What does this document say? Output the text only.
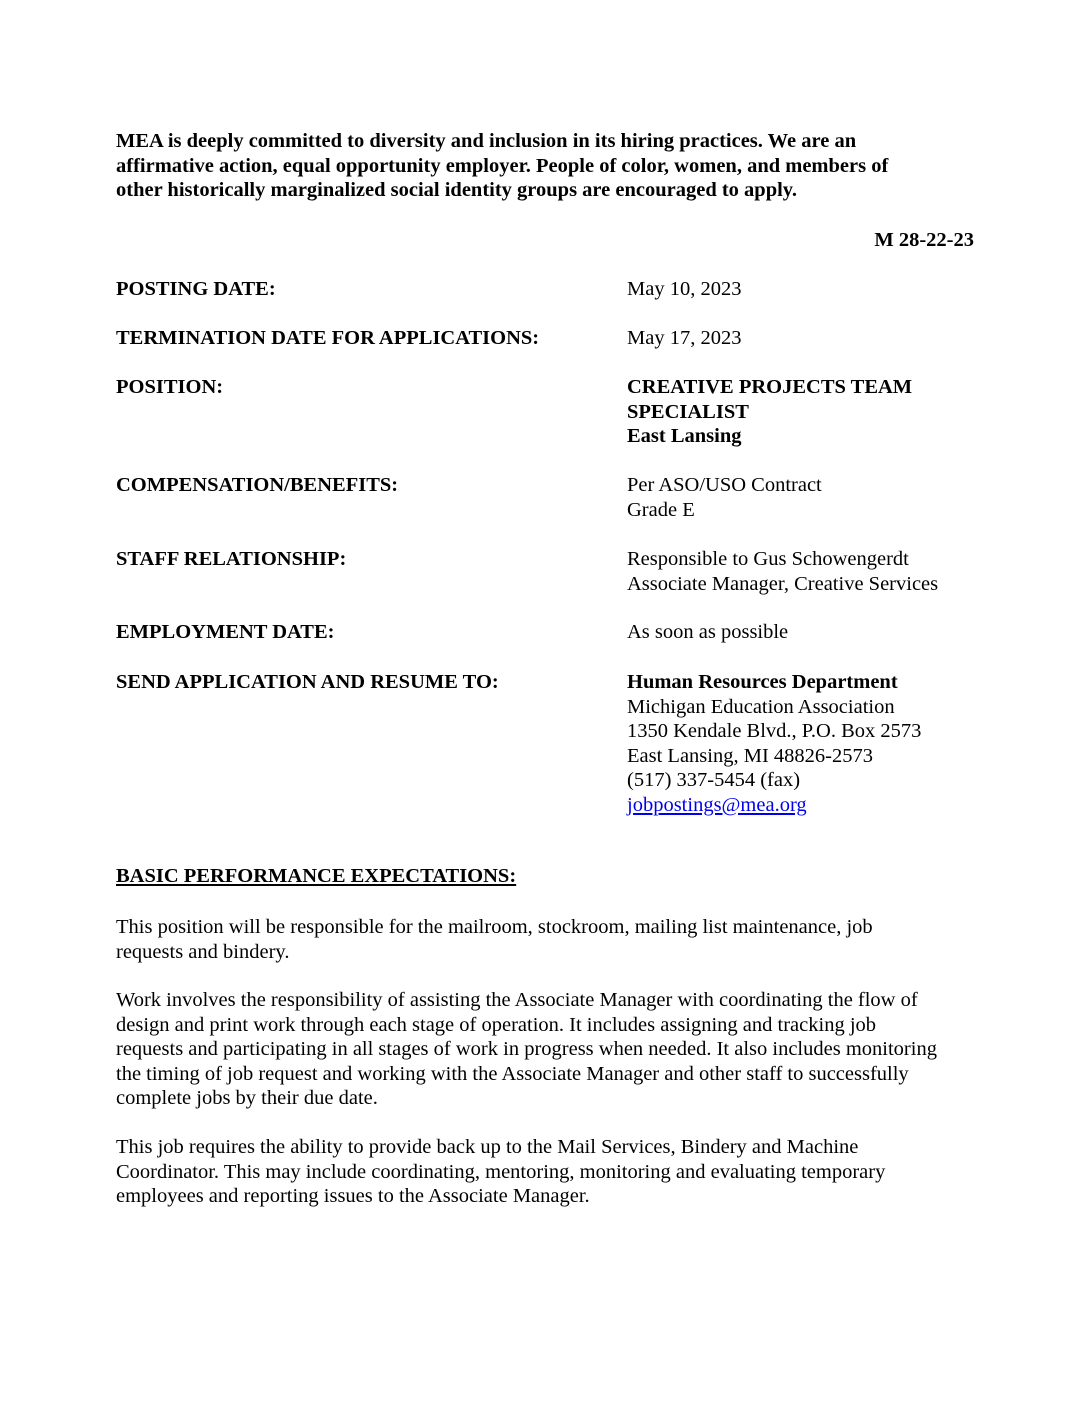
MEA is deeply committed to diversity and inclusion in its hiring practices. We are an
affirmative action, equal opportunity employer. People of color, women, and members of
other historically marginalized social identity groups are encouraged to apply.
M 28-22-23
POSTING DATE:	May 10, 2023
TERMINATION DATE FOR APPLICATIONS:	May 17, 2023
POSITION:	CREATIVE PROJECTS TEAM
SPECIALIST
East Lansing
COMPENSATION/BENEFITS:	Per ASO/USO Contract
Grade E
STAFF RELATIONSHIP:	Responsible to Gus Schowengerdt
Associate Manager, Creative Services
EMPLOYMENT DATE:	As soon as possible
SEND APPLICATION AND RESUME TO:	Human Resources Department
Michigan Education Association
1350 Kendale Blvd., P.O. Box 2573
East Lansing, MI 48826-2573
(517) 337-5454 (fax)
jobpostings@mea.org
BASIC PERFORMANCE EXPECTATIONS:
This position will be responsible for the mailroom, stockroom, mailing list maintenance, job
requests and bindery.
Work involves the responsibility of assisting the Associate Manager with coordinating the flow of
design and print work through each stage of operation. It includes assigning and tracking job
requests and participating in all stages of work in progress when needed. It also includes monitoring
the timing of job request and working with the Associate Manager and other staff to successfully
complete jobs by their due date.
This job requires the ability to provide back up to the Mail Services, Bindery and Machine
Coordinator. This may include coordinating, mentoring, monitoring and evaluating temporary
employees and reporting issues to the Associate Manager.
